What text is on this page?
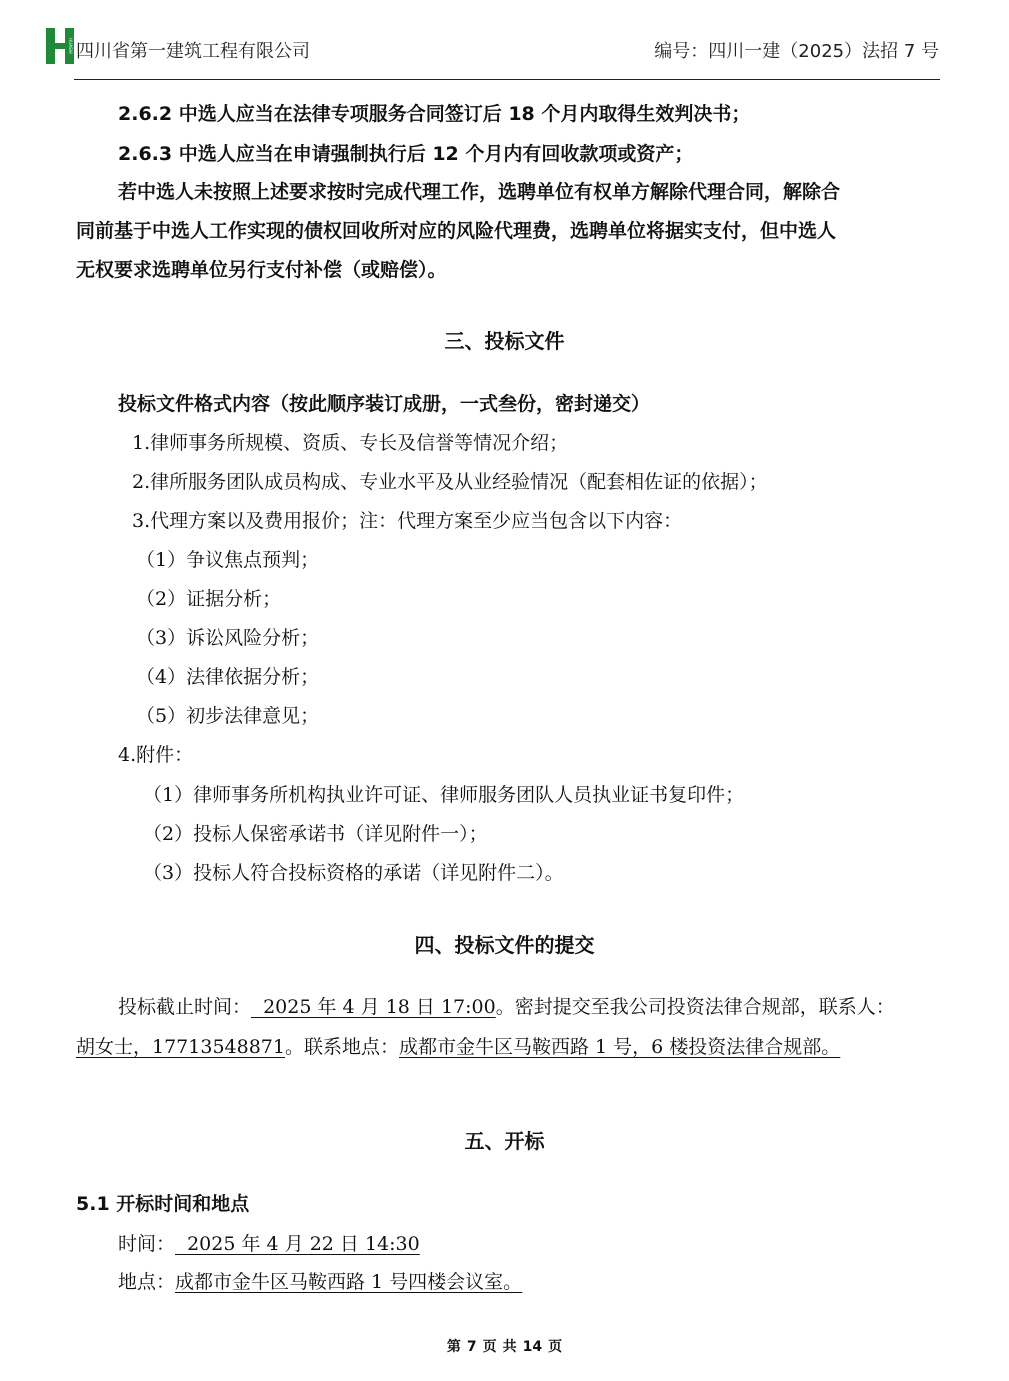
HUASHI 四川省第一建筑工程有限公司	编号：四川一建（2025）法招 7 号
2.6.2 中选人应当在法律专项服务合同签订后 18 个月内取得生效判决书；
2.6.3 中选人应当在申请强制执行后 12 个月内有回收款项或资产；
若中选人未按照上述要求按时完成代理工作，选聘单位有权单方解除代理合同，解除合
同前基于中选人工作实现的债权回收所对应的风险代理费，选聘单位将据实支付，但中选人
无权要求选聘单位另行支付补偿（或赔偿）。
三、投标文件
投标文件格式内容（按此顺序装订成册，一式叁份，密封递交）
1.律师事务所规模、资质、专长及信誉等情况介绍；
2.律所服务团队成员构成、专业水平及从业经验情况（配套相佐证的依据）；
3.代理方案以及费用报价；注：代理方案至少应当包含以下内容：
（1）争议焦点预判；
（2）证据分析；
（3）诉讼风险分析；
（4）法律依据分析；
（5）初步法律意见；
4.附件：
（1）律师事务所机构执业许可证、律师服务团队人员执业证书复印件；
（2）投标人保密承诺书（详见附件一）；
（3）投标人符合投标资格的承诺（详见附件二）。
四、投标文件的提交
投标截止时间：  2025 年 4 月 18 日 17:00。密封提交至我公司投资法律合规部，联系人：
胡女士，17713548871。联系地点：成都市金牛区马鞍西路 1 号，6 楼投资法律合规部。
五、开标
5.1 开标时间和地点
时间：  2025 年 4 月 22 日 14:30
地点：成都市金牛区马鞍西路 1 号四楼会议室。
第 7 页 共 14 页
